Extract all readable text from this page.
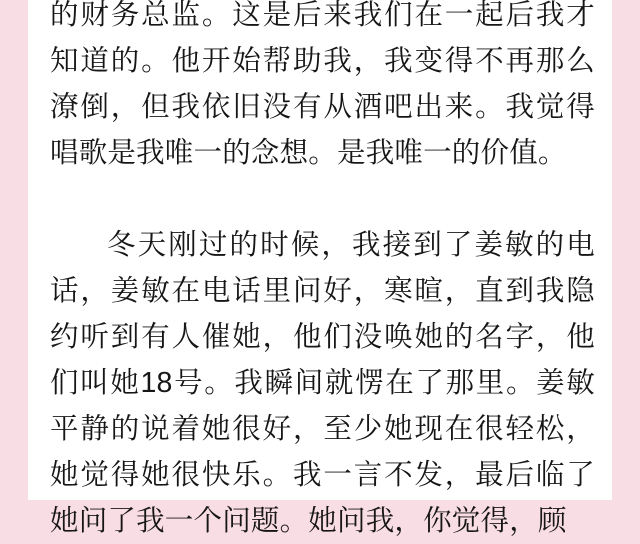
的财务总监。这是后来我们在一起后我才知道的。他开始帮助我，我变得不再那么潦倒，但我依旧没有从酒吧出来。我觉得唱歌是我唯一的念想。是我唯一的价值。

冬天刚过的时候，我接到了姜敏的电话，姜敏在电话里问好，寒暄，直到我隐约听到有人催她，他们没唤她的名字，他们叫她18号。我瞬间就愣在了那里。姜敏平静的说着她很好，至少她现在很轻松，她觉得她很快乐。我一言不发，最后临了她问了我一个问题。她问我，你觉得，顾
